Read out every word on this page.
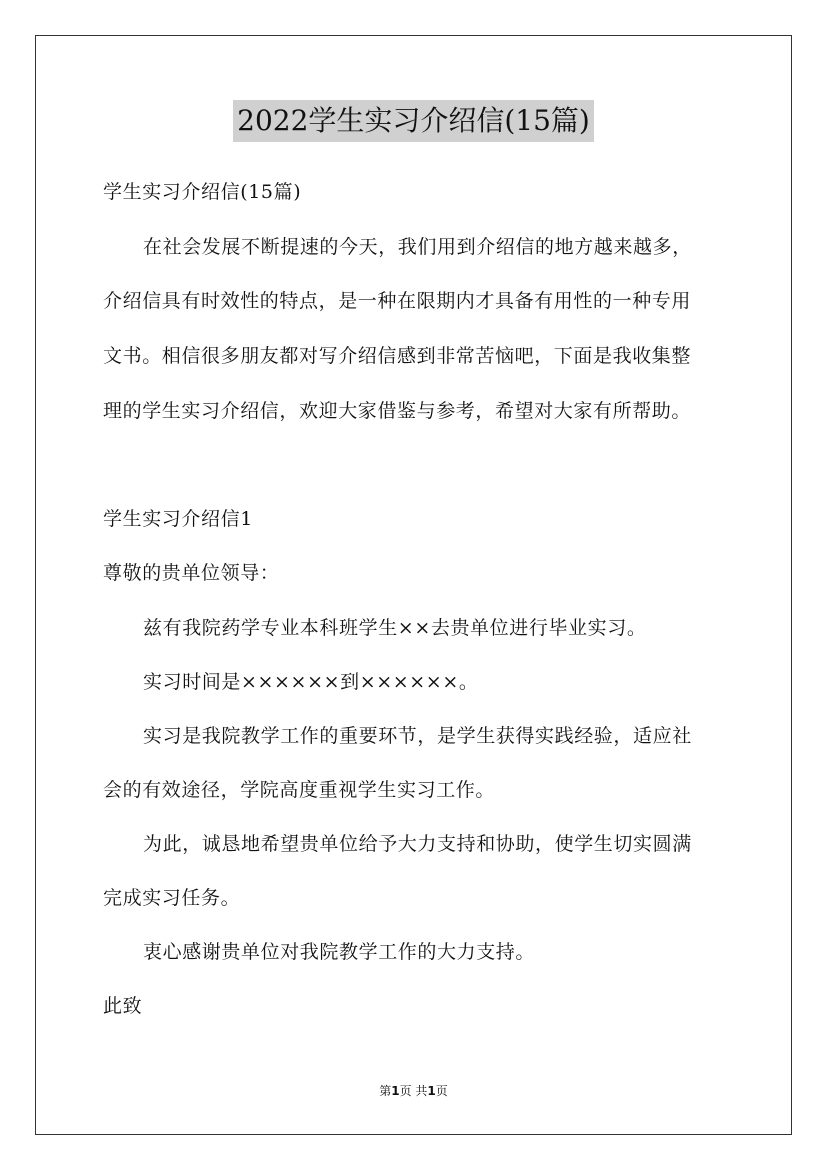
2022学生实习介绍信(15篇)
学生实习介绍信(15篇)
在社会发展不断提速的今天，我们用到介绍信的地方越来越多，
介绍信具有时效性的特点，是一种在限期内才具备有用性的一种专用
文书。相信很多朋友都对写介绍信感到非常苦恼吧，下面是我收集整
理的学生实习介绍信，欢迎大家借鉴与参考，希望对大家有所帮助。
学生实习介绍信1
尊敬的贵单位领导：
兹有我院药学专业本科班学生××去贵单位进行毕业实习。
实习时间是××××××到××××××。
实习是我院教学工作的重要环节，是学生获得实践经验，适应社
会的有效途径，学院高度重视学生实习工作。
为此，诚恳地希望贵单位给予大力支持和协助，使学生切实圆满
完成实习任务。
衷心感谢贵单位对我院教学工作的大力支持。
此致
第1页 共1页
